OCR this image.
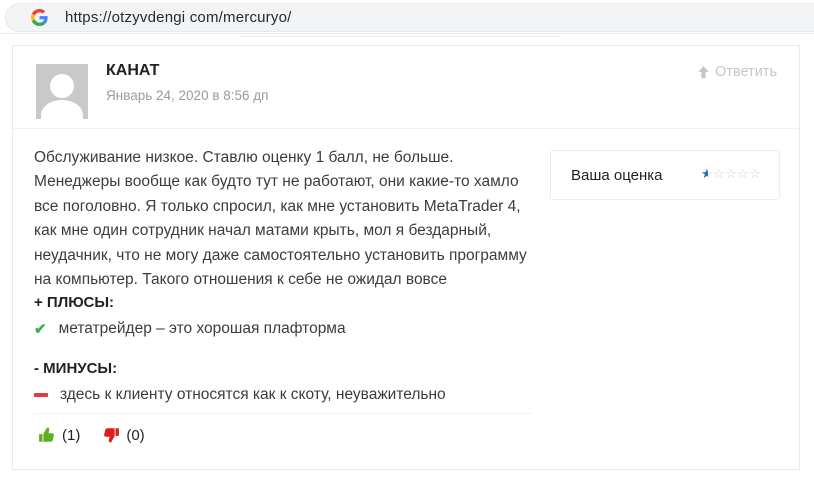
https://otzyvdengi com/mercuryo/
КАНАТ
Январь 24, 2020 в 8:56 дп
Ответить
Обслуживание низкое. Ставлю оценку 1 балл, не больше. Менеджеры вообще как будто тут не работают, они какие-то хамло все поголовно. Я только спросил, как мне установить MetaTrader 4, как мне один сотрудник начал матами крыть, мол я бездарный, неудачник, что не могу даже самостоятельно установить программу на компьютер. Такого отношения к себе не ожидал вовсе
+ ПЛЮСЫ:
✔ метатрейдер – это хорошая плафторма
- МИНУСЫ:
здесь к клиенту относятся как к скоту, неуважительно
(1)	(0)
Ваша оценка
★ ☆
☆
☆
☆
☆
